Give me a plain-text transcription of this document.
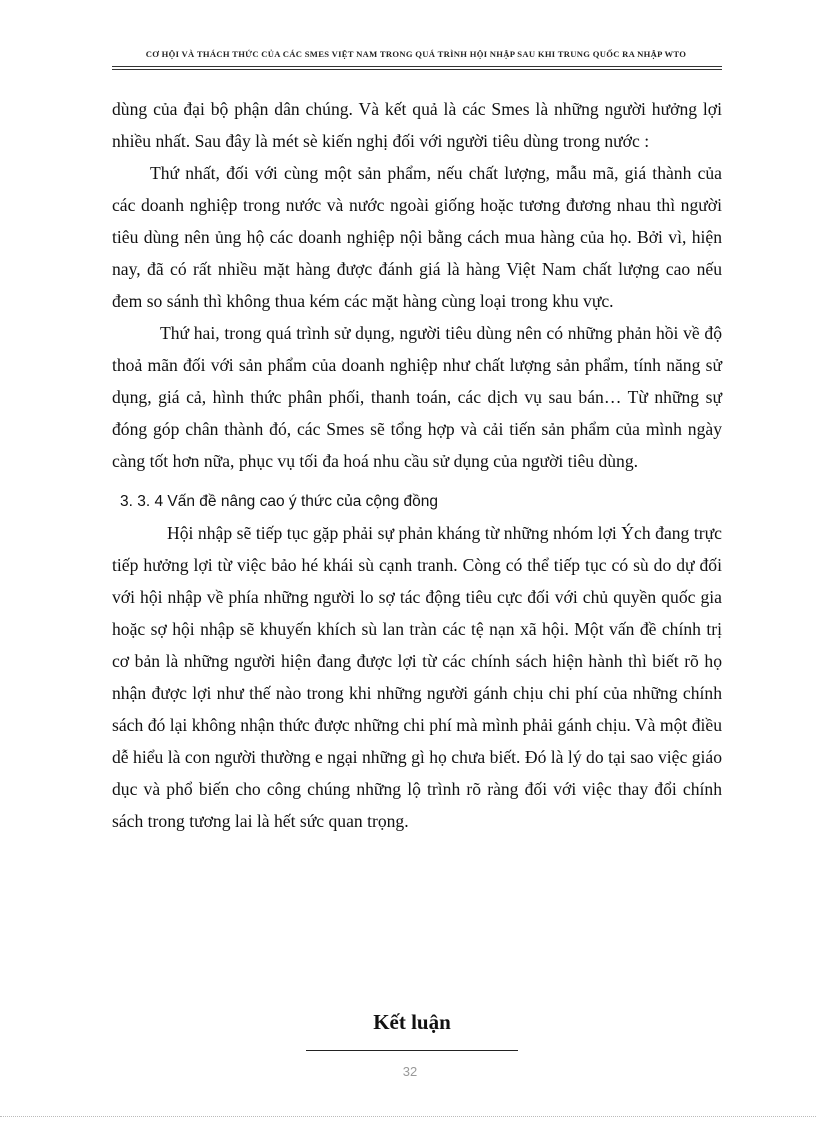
CƠ HỘI VÀ THÁCH THỨC CỦA CÁC SMES VIỆT NAM TRONG QUÁ TRÌNH HỘI NHẬP SAU KHI TRUNG QUỐC RA NHẬP WTO

dùng của đại bộ phận dân chúng. Và kết quả là các Smes là những người hưởng lợi nhiều nhất. Sau đây là mét sè kiến nghị đối với người tiêu dùng trong nước :

Thứ nhất, đối với cùng một sản phẩm, nếu chất lượng, mẫu mã, giá thành của các doanh nghiệp trong nước và nước ngoài giống hoặc tương đương nhau thì người tiêu dùng nên ủng hộ các doanh nghiệp nội bằng cách mua hàng của họ. Bởi vì, hiện nay, đã có rất nhiều mặt hàng được đánh giá là hàng Việt Nam chất lượng cao nếu đem so sánh thì không thua kém các mặt hàng cùng loại trong khu vực.

Thứ hai, trong quá trình sử dụng, người tiêu dùng nên có những phản hồi về độ thoả mãn đối với sản phẩm của doanh nghiệp như chất lượng sản phẩm, tính năng sử dụng, giá cả, hình thức phân phối, thanh toán, các dịch vụ sau bán… Từ những sự đóng góp chân thành đó, các Smes sẽ tổng hợp và cải tiến sản phẩm của mình ngày càng tốt hơn nữa, phục vụ tối đa hoá nhu cầu sử dụng của người tiêu dùng.

3. 3. 4 Vấn đề nâng cao ý thức của cộng đồng

Hội nhập sẽ tiếp tục gặp phải sự phản kháng từ những nhóm lợi Ých đang trực tiếp hưởng lợi từ việc bảo hé khái sù cạnh tranh. Còng có thể tiếp tục có sù do dự đối với hội nhập về phía những người lo sợ tác động tiêu cực đối với chủ quyền quốc gia hoặc sợ hội nhập sẽ khuyến khích sù lan tràn các tệ nạn xã hội. Một vấn đề chính trị cơ bản là những người hiện đang được lợi từ các chính sách hiện hành thì biết rõ họ nhận được lợi như thế nào trong khi những người gánh chịu chi phí của những chính sách đó lại không nhận thức được những chi phí mà mình phải gánh chịu. Và một điều dễ hiểu là con người thường e ngại những gì họ chưa biết. Đó là lý do tại sao việc giáo dục và phổ biến cho công chúng những lộ trình rõ ràng đối với việc thay đổi chính sách trong tương lai là hết sức quan trọng.

Kết luận
32
